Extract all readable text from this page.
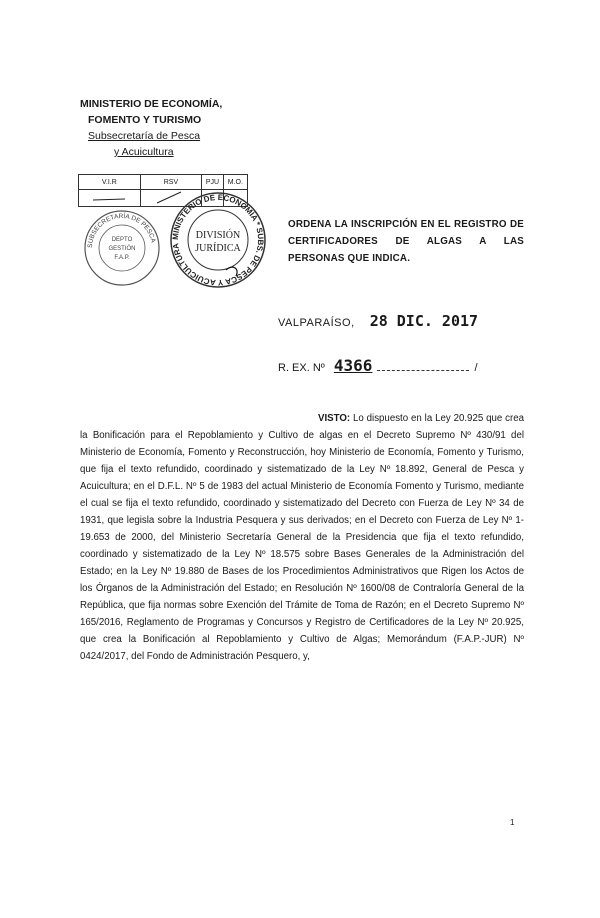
MINISTERIO DE ECONOMÍA,
FOMENTO Y TURISMO
Subsecretaría de Pesca
y Acuicultura
V.I.R	RSV	PJU	M.O.

SUBSECRETARÍA DE PESCA
DEPTO
GESTIÓN
F.A.P.
MINISTERIO DE ECONOMÍA * SUBS. DE PESCA Y ACUICULTURA
DIVISIÓN
JURÍDICA
ORDENA LA INSCRIPCIÓN EN EL REGISTRO DE CERTIFICADORES DE ALGAS A LAS PERSONAS QUE INDICA.
VALPARAÍSO, 28 DIC. 2017
R. EX. Nº 4366	/
VISTO: Lo dispuesto en la Ley 20.925 que crea la Bonificación para el Repoblamiento y Cultivo de algas en el Decreto Supremo Nº 430/91 del Ministerio de Economía, Fomento y Reconstrucción, hoy Ministerio de Economía, Fomento y Turismo, que fija el texto refundido, coordinado y sistematizado de la Ley Nº 18.892, General de Pesca y Acuicultura; en el D.F.L. Nº 5 de 1983 del actual Ministerio de Economía Fomento y Turismo, mediante el cual se fija el texto refundido, coordinado y sistematizado del Decreto con Fuerza de Ley Nº 34 de 1931, que legisla sobre la Industria Pesquera y sus derivados; en el Decreto con Fuerza de Ley Nº 1-19.653 de 2000, del Ministerio Secretaría General de la Presidencia que fija el texto refundido, coordinado y sistematizado de la Ley Nº 18.575 sobre Bases Generales de la Administración del Estado; en la Ley Nº 19.880 de Bases de los Procedimientos Administrativos que Rigen los Actos de los Órganos de la Administración del Estado; en Resolución Nº 1600/08 de Contraloría General de la República, que fija normas sobre Exención del Trámite de Toma de Razón; en el Decreto Supremo Nº 165/2016, Reglamento de Programas y Concursos y Registro de Certificadores de la Ley Nº 20.925, que crea la Bonificación al Repoblamiento y Cultivo de Algas; Memorándum (F.A.P.-JUR) Nº 0424/2017, del Fondo de Administración Pesquero, y,
1
